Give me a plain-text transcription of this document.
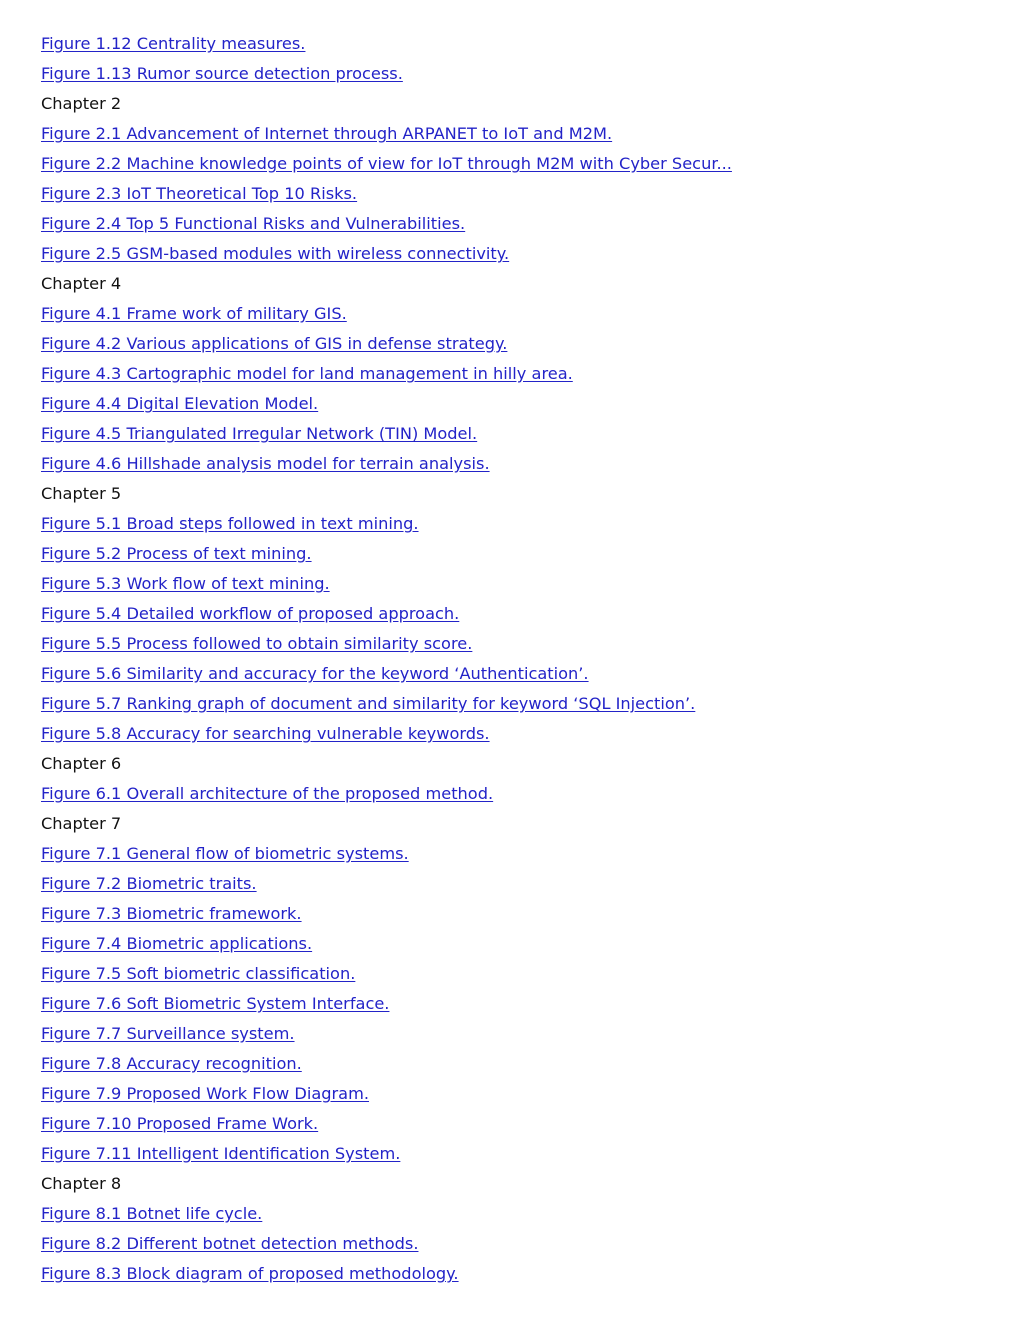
Figure 1.12 Centrality measures.
Figure 1.13 Rumor source detection process.
Chapter 2
Figure 2.1 Advancement of Internet through ARPANET to IoT and M2M.
Figure 2.2 Machine knowledge points of view for IoT through M2M with Cyber Secur...
Figure 2.3 IoT Theoretical Top 10 Risks.
Figure 2.4 Top 5 Functional Risks and Vulnerabilities.
Figure 2.5 GSM-based modules with wireless connectivity.
Chapter 4
Figure 4.1 Frame work of military GIS.
Figure 4.2 Various applications of GIS in defense strategy.
Figure 4.3 Cartographic model for land management in hilly area.
Figure 4.4 Digital Elevation Model.
Figure 4.5 Triangulated Irregular Network (TIN) Model.
Figure 4.6 Hillshade analysis model for terrain analysis.
Chapter 5
Figure 5.1 Broad steps followed in text mining.
Figure 5.2 Process of text mining.
Figure 5.3 Work flow of text mining.
Figure 5.4 Detailed workflow of proposed approach.
Figure 5.5 Process followed to obtain similarity score.
Figure 5.6 Similarity and accuracy for the keyword ‘Authentication’.
Figure 5.7 Ranking graph of document and similarity for keyword ‘SQL Injection’.
Figure 5.8 Accuracy for searching vulnerable keywords.
Chapter 6
Figure 6.1 Overall architecture of the proposed method.
Chapter 7
Figure 7.1 General flow of biometric systems.
Figure 7.2 Biometric traits.
Figure 7.3 Biometric framework.
Figure 7.4 Biometric applications.
Figure 7.5 Soft biometric classification.
Figure 7.6 Soft Biometric System Interface.
Figure 7.7 Surveillance system.
Figure 7.8 Accuracy recognition.
Figure 7.9 Proposed Work Flow Diagram.
Figure 7.10 Proposed Frame Work.
Figure 7.11 Intelligent Identification System.
Chapter 8
Figure 8.1 Botnet life cycle.
Figure 8.2 Different botnet detection methods.
Figure 8.3 Block diagram of proposed methodology.
